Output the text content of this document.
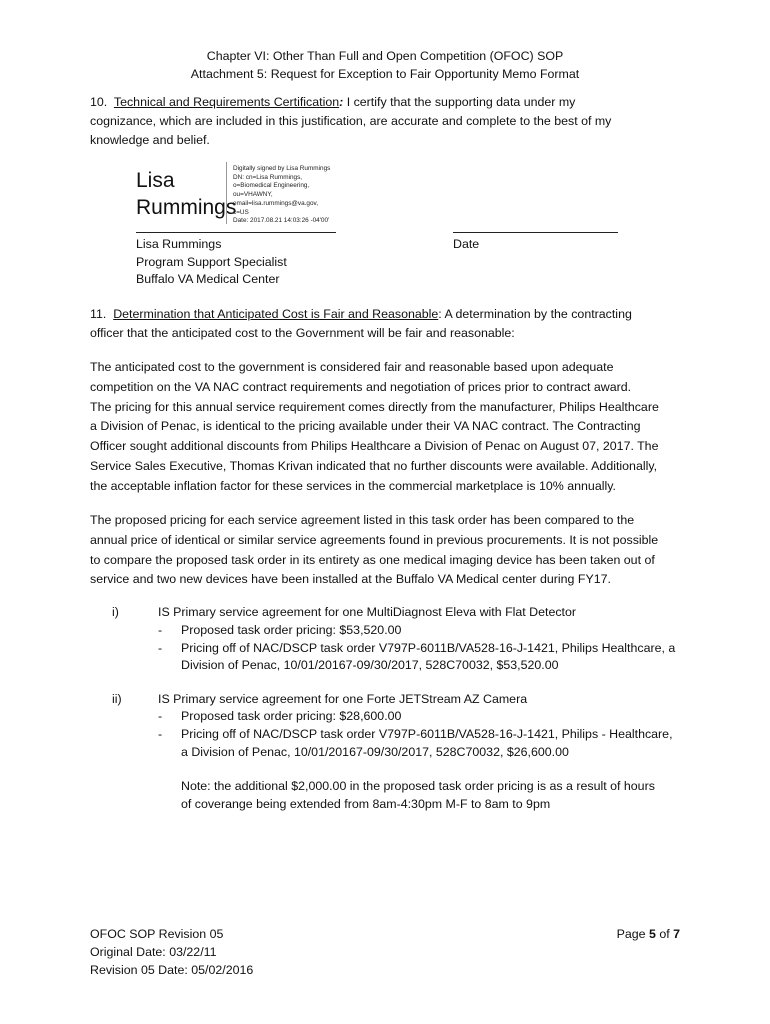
Chapter VI: Other Than Full and Open Competition (OFOC) SOP
Attachment 5: Request for Exception to Fair Opportunity Memo Format
10. Technical and Requirements Certification: I certify that the supporting data under my
cognizance, which are included in this justification, are accurate and complete to the best of my
knowledge and belief.
Lisa
Rummings
Digitally signed by Lisa Rummings
DN: cn=Lisa Rummings,
o=Biomedical Engineering,
ou=VHAWNY,
email=lisa.rummings@va.gov,
c=US
Date: 2017.08.21 14:03:26 -04'00'
Lisa Rummings
Program Support Specialist
Buffalo VA Medical Center
Date
11. Determination that Anticipated Cost is Fair and Reasonable: A determination by the contracting
officer that the anticipated cost to the Government will be fair and reasonable:
The anticipated cost to the government is considered fair and reasonable based upon adequate
competition on the VA NAC contract requirements and negotiation of prices prior to contract award.
The pricing for this annual service requirement comes directly from the manufacturer, Philips Healthcare
a Division of Penac, is identical to the pricing available under their VA NAC contract. The Contracting
Officer sought additional discounts from Philips Healthcare a Division of Penac on August 07, 2017. The
Service Sales Executive, Thomas Krivan indicated that no further discounts were available. Additionally,
the acceptable inflation factor for these services in the commercial marketplace is 10% annually.
The proposed pricing for each service agreement listed in this task order has been compared to the
annual price of identical or similar service agreements found in previous procurements. It is not possible
to compare the proposed task order in its entirety as one medical imaging device has been taken out of
service and two new devices have been installed at the Buffalo VA Medical center during FY17.
i)	IS Primary service agreement for one MultiDiagnost Eleva with Flat Detector
- Proposed task order pricing: $53,520.00
- Pricing off of NAC/DSCP task order V797P-6011B/VA528-16-J-1421, Philips Healthcare, a
Division of Penac, 10/01/20167-09/30/2017, 528C70032, $53,520.00
ii)	IS Primary service agreement for one Forte JETStream AZ Camera
- Proposed task order pricing: $28,600.00
- Pricing off of NAC/DSCP task order V797P-6011B/VA528-16-J-1421, Philips - Healthcare,
a Division of Penac, 10/01/20167-09/30/2017, 528C70032, $26,600.00
Note: the additional $2,000.00 in the proposed task order pricing is as a result of hours
of coverange being extended from 8am-4:30pm M-F to 8am to 9pm
OFOC SOP Revision 05
Original Date: 03/22/11
Revision 05 Date: 05/02/2016
Page 5 of 7
